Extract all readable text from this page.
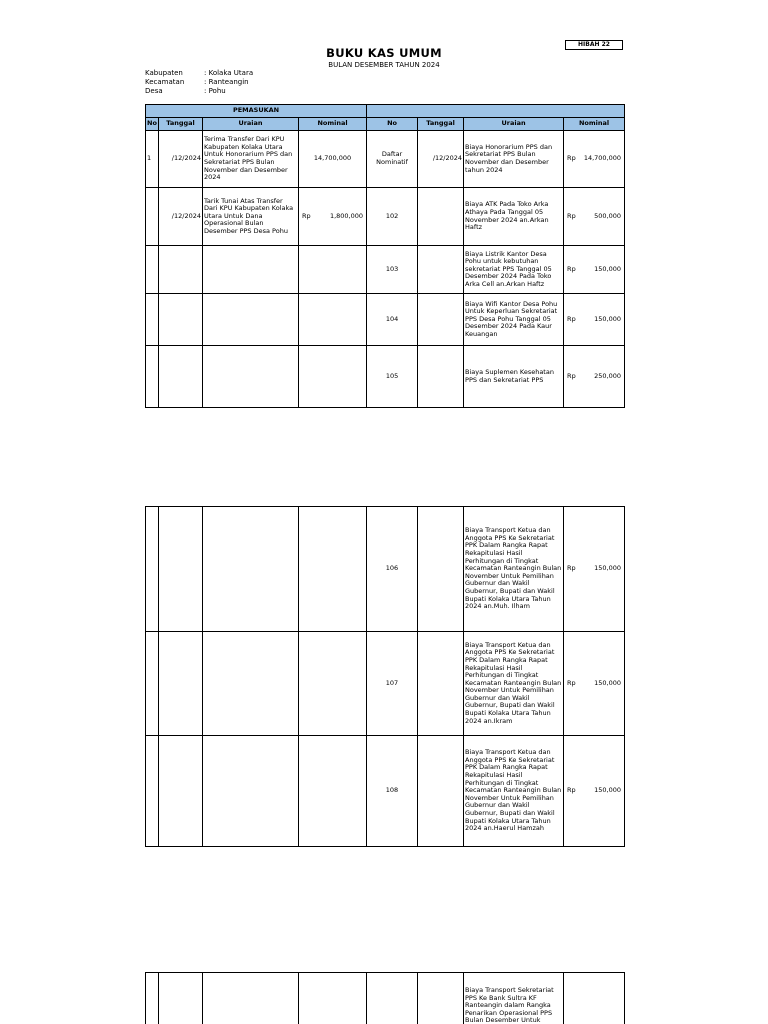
HIBAH 22
BUKU KAS UMUM
BULAN DESEMBER TAHUN 2024
Kabupaten	: Kolaka Utara
Kecamatan	: Ranteangin
Desa	: Pohu
PEMASUKAN							
No	Tanggal	Uraian	Nominal	No	Tanggal	Uraian	Nominal
1	/12/2024	Terima Transfer Dari KPU Kabupaten Kolaka Utara Untuk Honorarium PPS dan Sekretariat PPS Bulan November dan Desember 2024	14,700,000	Daftar Nominatif	/12/2024	Biaya Honorarium PPS dan Sekretariat PPS Bulan November dan Desember tahun 2024	Rp 14,700,000

	/12/2024	Tarik Tunai Atas Transfer Dari KPU Kabupaten Kolaka Utara Untuk Dana Operasional Bulan Desember PPS Desa Pohu	Rp 1,800,000	102		Biaya ATK Pada Toko Arka Athaya Pada Tanggal 05 November 2024 an.Arkan Haftz	Rp 500,000

				103		Biaya Listrik Kantor Desa Pohu untuk kebutuhan sekretariat PPS Tanggal 05 Desember 2024 Pada Toko Arka Cell an.Arkan Haftz	Rp 150,000

				104		Biaya Wifi Kantor Desa Pohu Untuk Keperluan Sekretariat PPS Desa Pohu Tanggal 05 Desember 2024 Pada Kaur Keuangan	Rp 150,000

				105		Biaya Suplemen Kesehatan PPS dan Sekretariat PPS	Rp 250,000
				106		Biaya Transport Ketua dan Anggota PPS Ke Sekretariat PPK Dalam Rangka Rapat Rekapitulasi Hasil Perhitungan di Tingkat Kecamatan Ranteangin Bulan November Untuk Pemilihan Gubernur dan Wakil Gubernur, Bupati dan Wakil Bupati Kolaka Utara Tahun 2024 an.Muh. Ilham	Rp 150,000

				107		Biaya Transport Ketua dan Anggota PPS Ke Sekretariat PPK Dalam Rangka Rapat Rekapitulasi Hasil Perhitungan di Tingkat Kecamatan Ranteangin Bulan November Untuk Pemilihan Gubernur dan Wakil Gubernur, Bupati dan Wakil Bupati Kolaka Utara Tahun 2024 an.Ikram	Rp 150,000

				108		Biaya Transport Ketua dan Anggota PPS Ke Sekretariat PPK Dalam Rangka Rapat Rekapitulasi Hasil Perhitungan di Tingkat Kecamatan Ranteangin Bulan November Untuk Pemilihan Gubernur dan Wakil Gubernur, Bupati dan Wakil Bupati Kolaka Utara Tahun 2024 an.Haerul Hamzah	Rp 150,000
						Biaya Transport Sekretariat PPS Ke Bank Sultra KF Ranteangin dalam Rangka Penarikan Operasional PPS Bulan Desember Untuk	
